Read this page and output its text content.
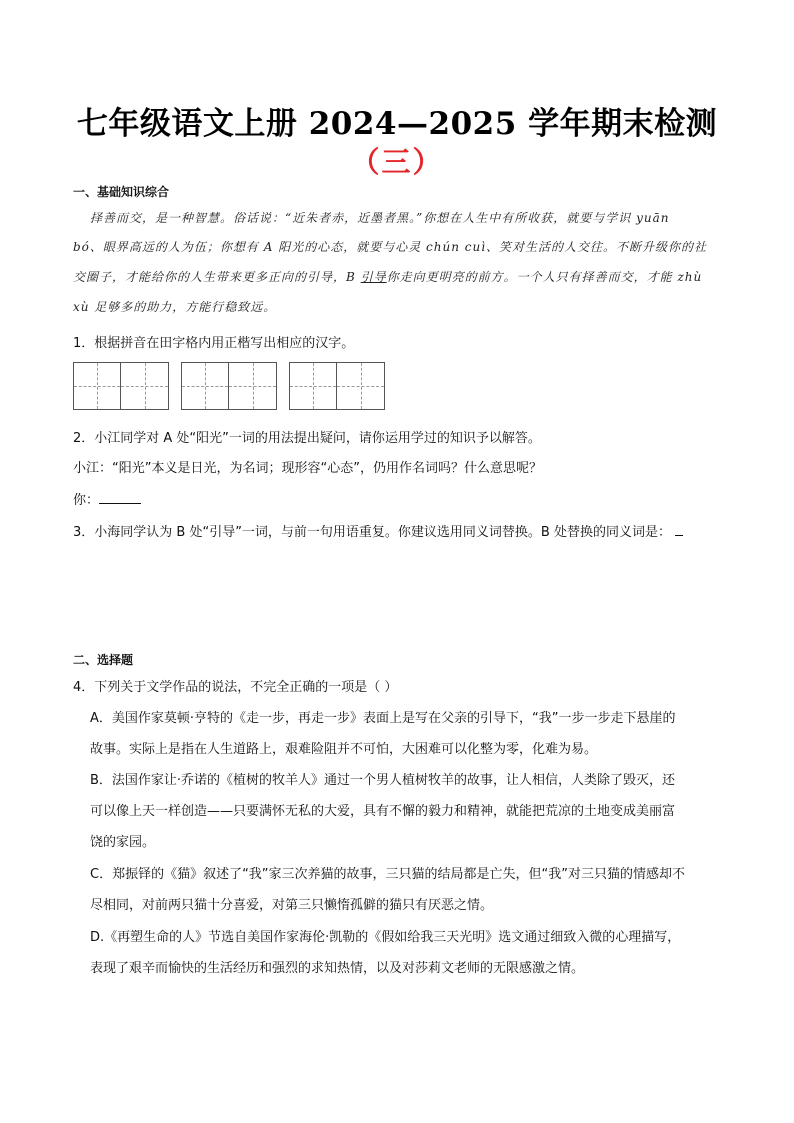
七年级语文上册 2024—2025 学年期末检测
（三）
一、基础知识综合
择善而交，是一种智慧。俗话说：“近朱者赤，近墨者黑。”你想在人生中有所收获，就要与学识 yuān
bó、眼界高远的人为伍；你想有 A 阳光的心态，就要与心灵 chún cuì、笑对生活的人交往。不断升级你的社
交圈子，才能给你的人生带来更多正向的引导，B 引导你走向更明亮的前方。一个人只有择善而交，才能 zhù
xù 足够多的助力，方能行稳致远。
1．根据拼音在田字格内用正楷写出相应的汉字。
2．小江同学对 A 处“阳光”一词的用法提出疑问，请你运用学过的知识予以解答。
小江：“阳光”本义是日光，为名词；现形容“心态”，仍用作名词吗？什么意思呢？
你：
3．小海同学认为 B 处“引导”一词，与前一句用语重复。你建议选用同义词替换。B 处替换的同义词是：
二、选择题
4．下列关于文学作品的说法，不完全正确的一项是（ ）
A．美国作家莫顿·亨特的《走一步，再走一步》表面上是写在父亲的引导下，“我”一步一步走下悬崖的
故事。实际上是指在人生道路上，艰难险阻并不可怕，大困难可以化整为零，化难为易。
B．法国作家让·乔诺的《植树的牧羊人》通过一个男人植树牧羊的故事，让人相信，人类除了毁灭，还
可以像上天一样创造——只要满怀无私的大爱，具有不懈的毅力和精神，就能把荒凉的土地变成美丽富
饶的家园。
C．郑振铎的《猫》叙述了“我”家三次养猫的故事，三只猫的结局都是亡失，但“我”对三只猫的情感却不
尽相同，对前两只猫十分喜爱，对第三只懒惰孤僻的猫只有厌恶之情。
D.《再塑生命的人》节选自美国作家海伦·凯勒的《假如给我三天光明》选文通过细致入微的心理描写，
表现了艰辛而愉快的生活经历和强烈的求知热情，以及对莎莉文老师的无限感激之情。
